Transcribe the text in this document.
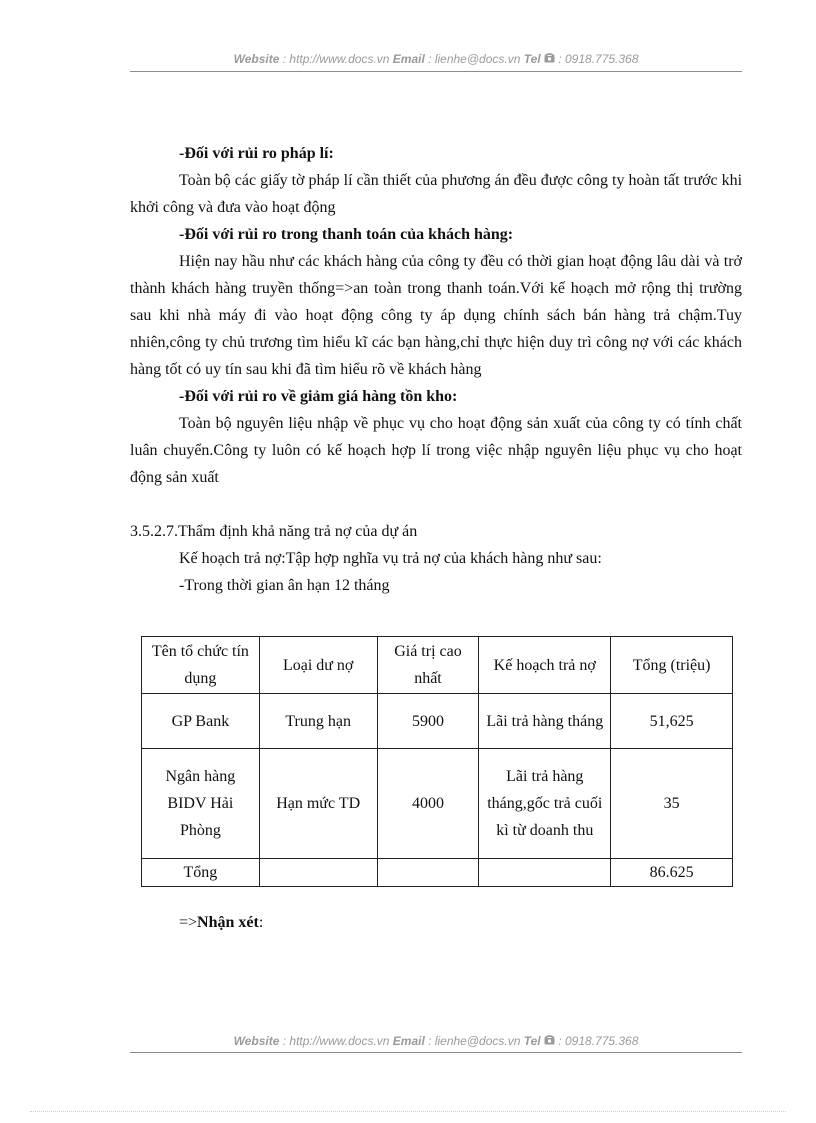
Website : http://www.docs.vn Email : lienhe@docs.vn Tel : 0918.775.368

-Đối với rủi ro pháp lí:

Toàn bộ các giấy tờ pháp lí cần thiết của phương án đều được công ty hoàn tất trước khi khởi công và đưa vào hoạt động

-Đối với rủi ro trong thanh toán của khách hàng:

Hiện nay hầu như các khách hàng của công ty đều có thời gian hoạt động lâu dài và trở thành khách hàng truyền thống=>an toàn trong thanh toán.Với kế hoạch mở rộng thị trường sau khi nhà máy đi vào hoạt động công ty áp dụng chính sách bán hàng trả chậm.Tuy nhiên,công ty chủ trương tìm hiểu kĩ các bạn hàng,chỉ thực hiện duy trì công nợ với các khách hàng tốt có uy tín sau khi đã tìm hiểu rõ về khách hàng

-Đối với rủi ro về giảm giá hàng tồn kho:

Toàn bộ nguyên liệu nhập về phục vụ cho hoạt động sản xuất của công ty có tính chất luân chuyển.Công ty luôn có kế hoạch hợp lí trong việc nhập nguyên liệu phục vụ cho hoạt động sản xuất

3.5.2.7.Thẩm định khả năng trả nợ của dự án

Kế hoạch trả nợ:Tập hợp nghĩa vụ trả nợ của khách hàng như sau:

-Trong thời gian ân hạn 12 tháng

Tên tổ chức tín dụng	Loại dư nợ	Giá trị cao nhất	Kế hoạch trả nợ	Tổng (triệu)
GP Bank	Trung hạn	5900	Lãi trả hàng tháng	51,625
Ngân hàng BIDV Hải Phòng	Hạn mức TD	4000	Lãi trả hàng tháng,gốc trả cuối kì từ doanh thu	35
Tổng				86.625
=>Nhận xét:
Website : http://www.docs.vn Email : lienhe@docs.vn Tel : 0918.775.368
